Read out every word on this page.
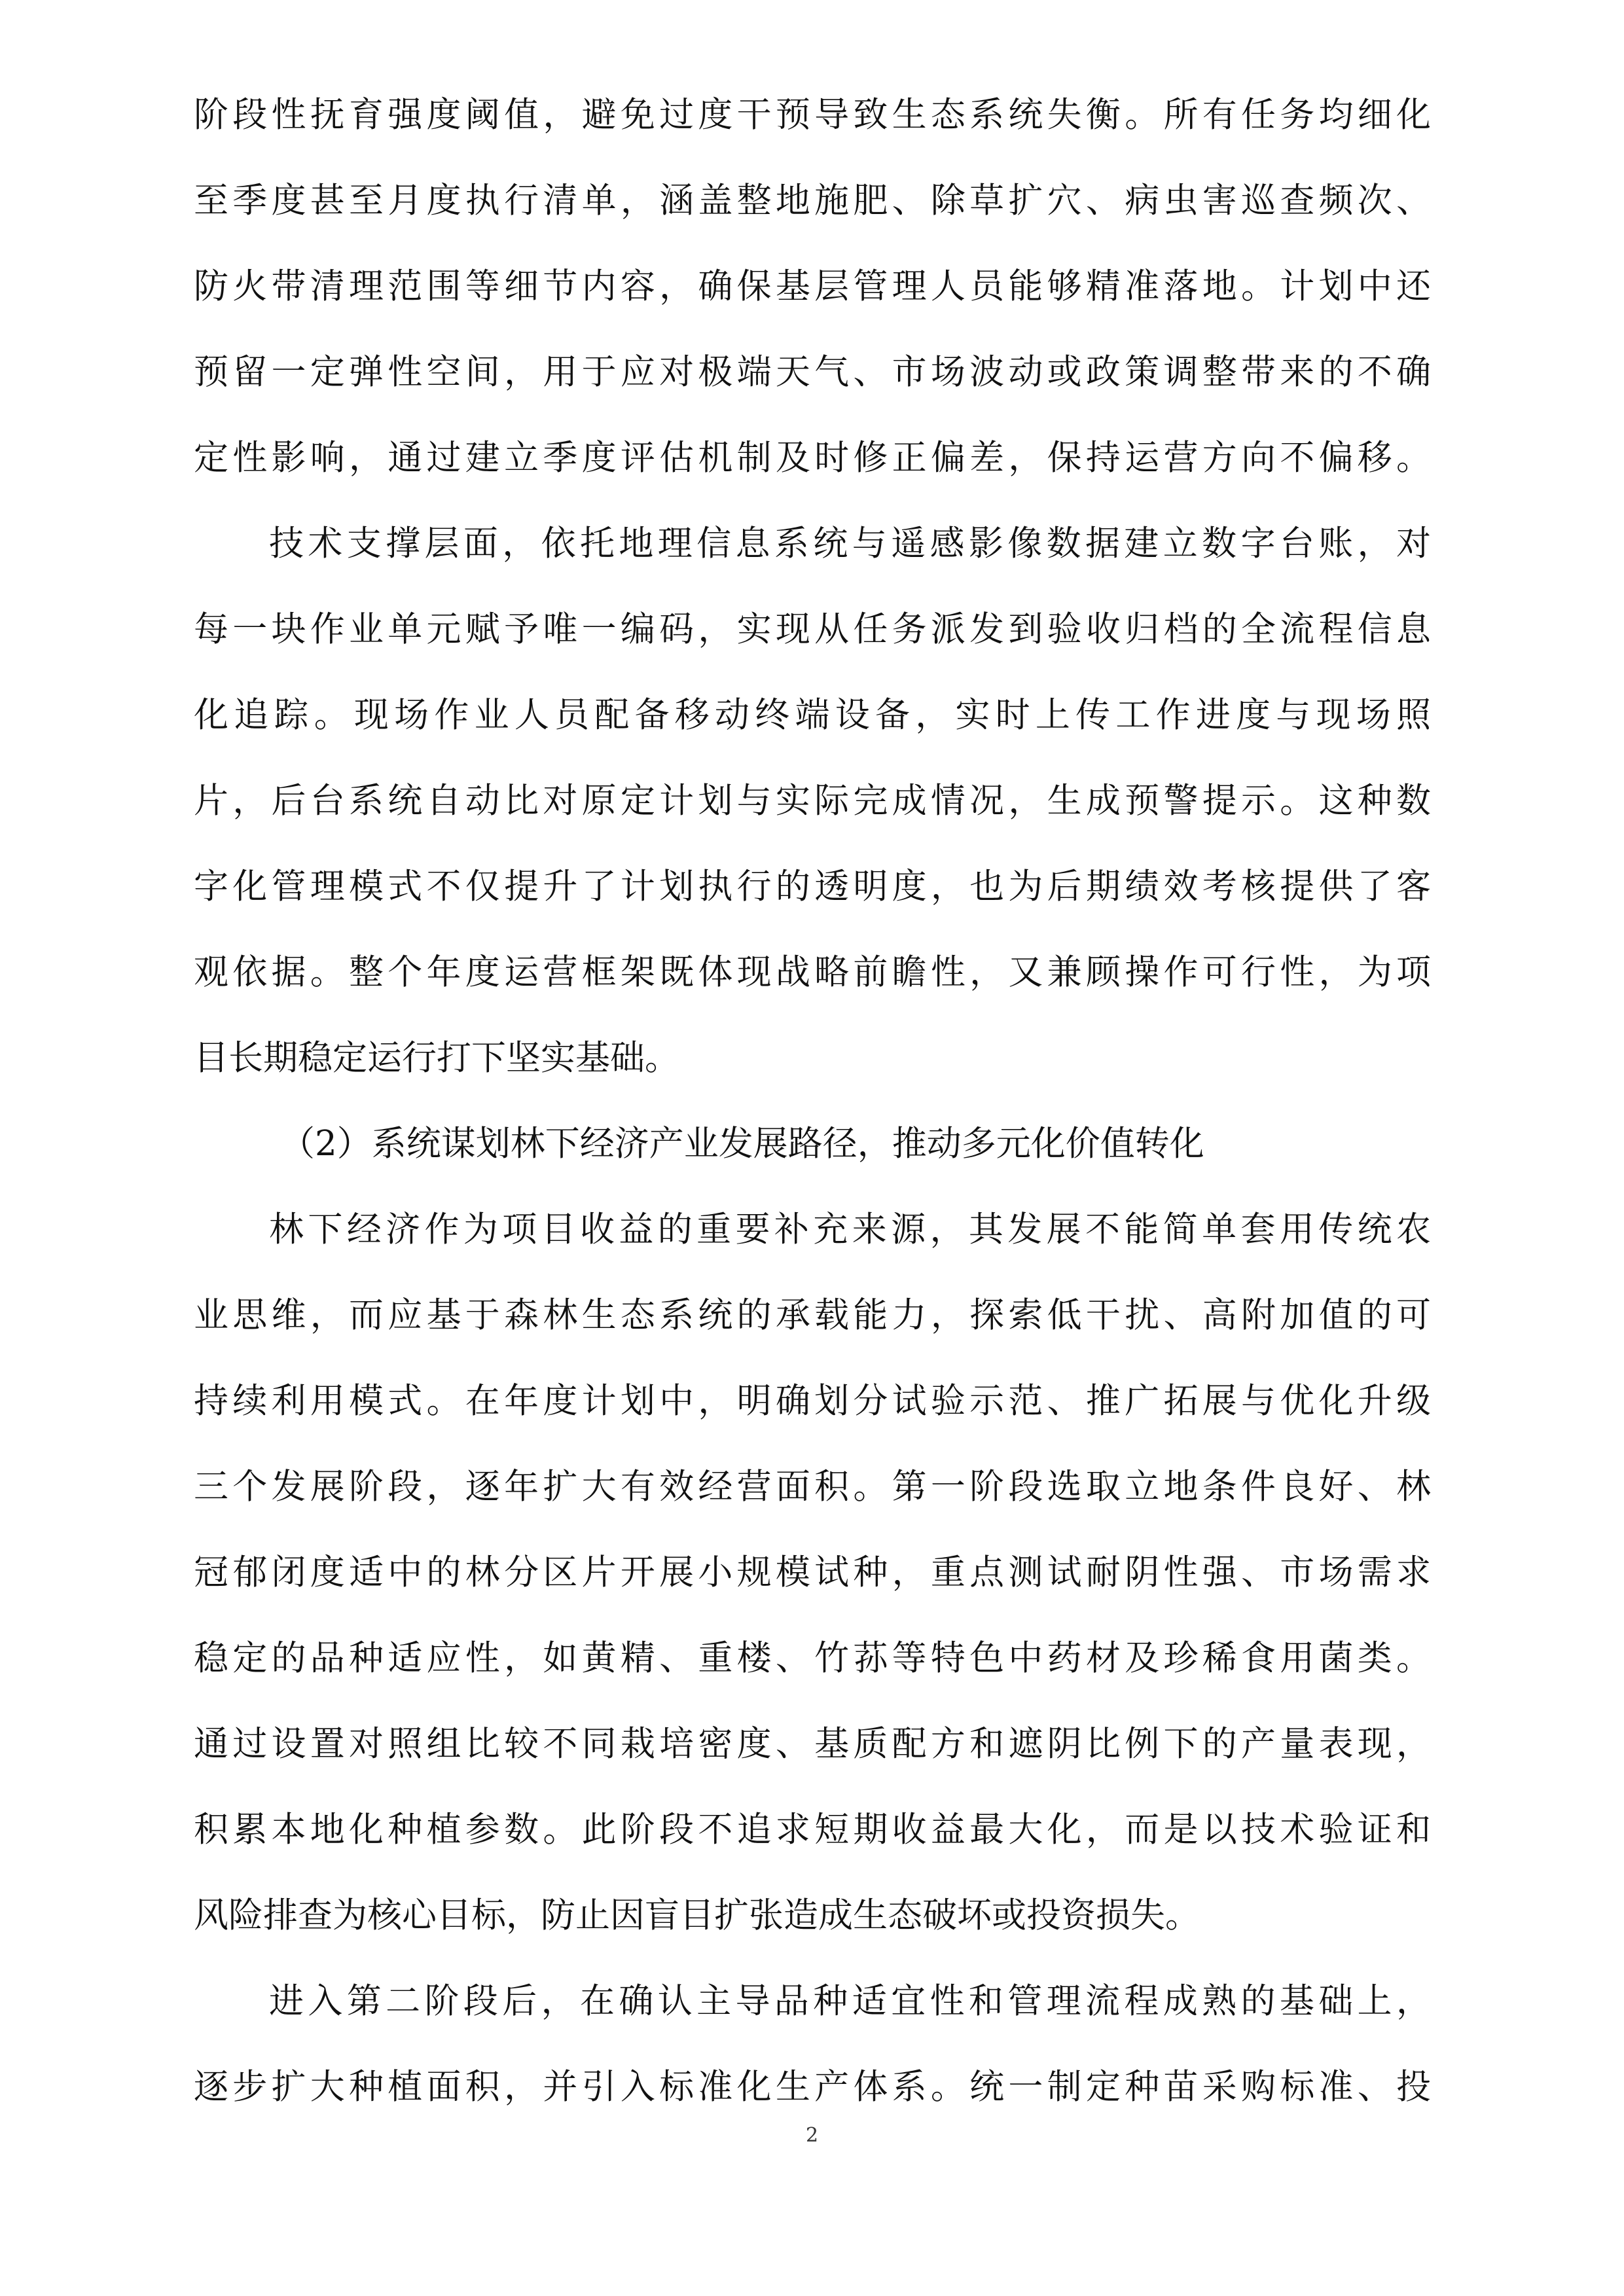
阶段性抚育强度阈值，避免过度干预导致生态系统失衡。所有任务均细化
至季度甚至月度执行清单，涵盖整地施肥、除草扩穴、病虫害巡查频次、
防火带清理范围等细节内容，确保基层管理人员能够精准落地。计划中还
预留一定弹性空间，用于应对极端天气、市场波动或政策调整带来的不确
定性影响，通过建立季度评估机制及时修正偏差，保持运营方向不偏移。
技术支撑层面，依托地理信息系统与遥感影像数据建立数字台账，对
每一块作业单元赋予唯一编码，实现从任务派发到验收归档的全流程信息
化追踪。现场作业人员配备移动终端设备，实时上传工作进度与现场照
片，后台系统自动比对原定计划与实际完成情况，生成预警提示。这种数
字化管理模式不仅提升了计划执行的透明度，也为后期绩效考核提供了客
观依据。整个年度运营框架既体现战略前瞻性，又兼顾操作可行性，为项
目长期稳定运行打下坚实基础。
（2）系统谋划林下经济产业发展路径，推动多元化价值转化
林下经济作为项目收益的重要补充来源，其发展不能简单套用传统农
业思维，而应基于森林生态系统的承载能力，探索低干扰、高附加值的可
持续利用模式。在年度计划中，明确划分试验示范、推广拓展与优化升级
三个发展阶段，逐年扩大有效经营面积。第一阶段选取立地条件良好、林
冠郁闭度适中的林分区片开展小规模试种，重点测试耐阴性强、市场需求
稳定的品种适应性，如黄精、重楼、竹荪等特色中药材及珍稀食用菌类。
通过设置对照组比较不同栽培密度、基质配方和遮阴比例下的产量表现，
积累本地化种植参数。此阶段不追求短期收益最大化，而是以技术验证和
风险排查为核心目标，防止因盲目扩张造成生态破坏或投资损失。
进入第二阶段后，在确认主导品种适宜性和管理流程成熟的基础上，
逐步扩大种植面积，并引入标准化生产体系。统一制定种苗采购标准、投
2
